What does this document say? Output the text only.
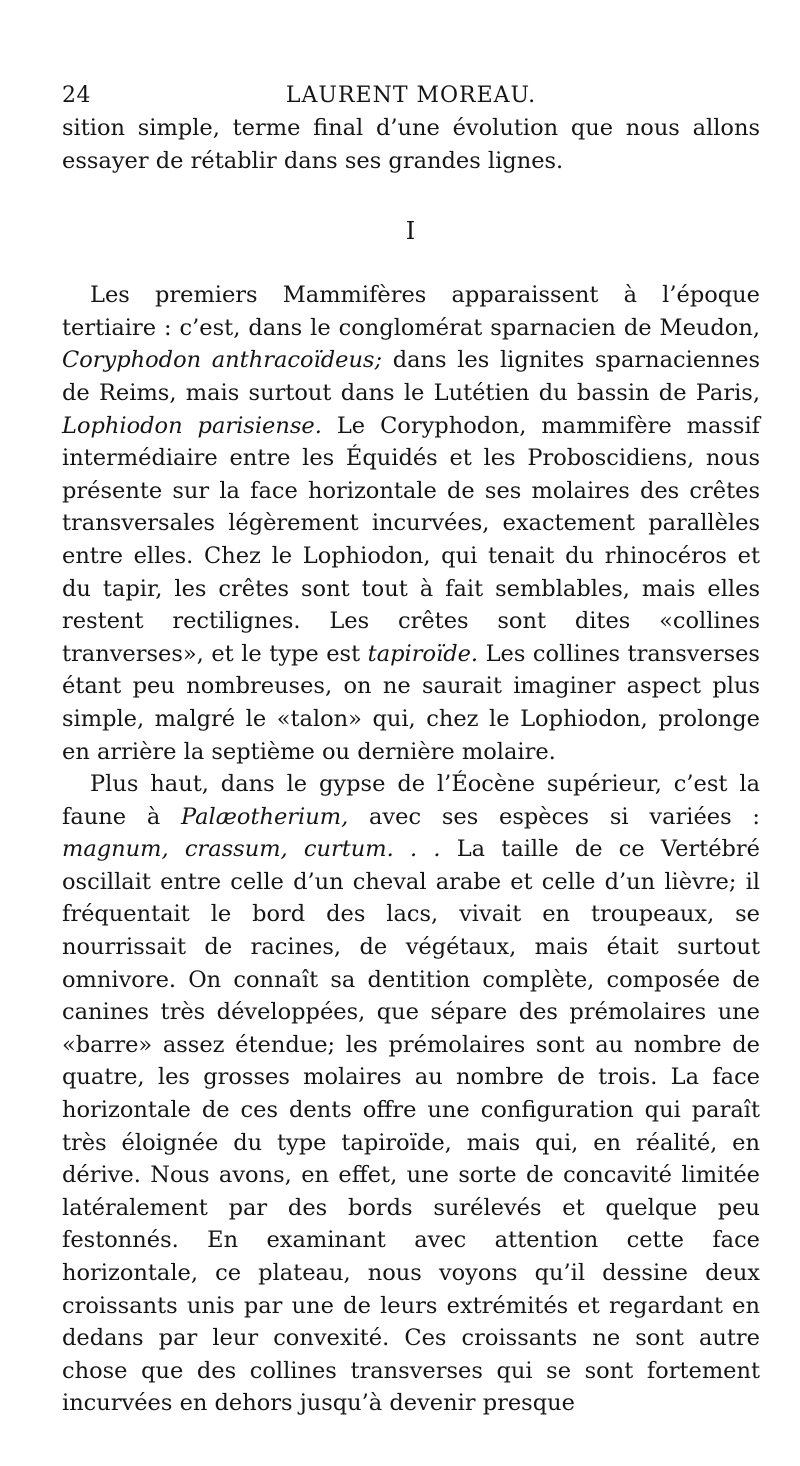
24	LAURENT MOREAU.

sition simple, terme final d’une évolution que nous allons essayer de rétablir dans ses grandes lignes.

I

Les premiers Mammifères apparaissent à l’époque tertiaire : c’est, dans le conglomérat sparnacien de Meudon, Coryphodon anthracoïdeus; dans les lignites sparnaciennes de Reims, mais surtout dans le Lutétien du bassin de Paris, Lophiodon parisiense. Le Coryphodon, mammifère massif intermédiaire entre les Équidés et les Proboscidiens, nous présente sur la face horizontale de ses molaires des crêtes transversales légèrement incurvées, exactement parallèles entre elles. Chez le Lophiodon, qui tenait du rhinocéros et du tapir, les crêtes sont tout à fait semblables, mais elles restent rectilignes. Les crêtes sont dites «collines tranverses», et le type est tapiroïde. Les collines transverses étant peu nombreuses, on ne saurait imaginer aspect plus simple, malgré le «talon» qui, chez le Lophiodon, prolonge en arrière la septième ou dernière molaire.

Plus haut, dans le gypse de l’Éocène supérieur, c’est la faune à Palæotherium, avec ses espèces si variées : magnum, crassum, curtum. . . La taille de ce Vertébré oscillait entre celle d’un cheval arabe et celle d’un lièvre; il fréquentait le bord des lacs, vivait en troupeaux, se nourrissait de racines, de végétaux, mais était surtout omnivore. On connaît sa dentition complète, composée de canines très développées, que sépare des prémolaires une «barre» assez étendue; les prémolaires sont au nombre de quatre, les grosses molaires au nombre de trois. La face horizontale de ces dents offre une configuration qui paraît très éloignée du type tapiroïde, mais qui, en réalité, en dérive. Nous avons, en effet, une sorte de concavité limitée latéralement par des bords surélevés et quelque peu festonnés. En examinant avec attention cette face horizontale, ce plateau, nous voyons qu’il dessine deux croissants unis par une de leurs extrémités et regardant en dedans par leur convexité. Ces croissants ne sont autre chose que des collines transverses qui se sont fortement incurvées en dehors jusqu’à devenir presque
